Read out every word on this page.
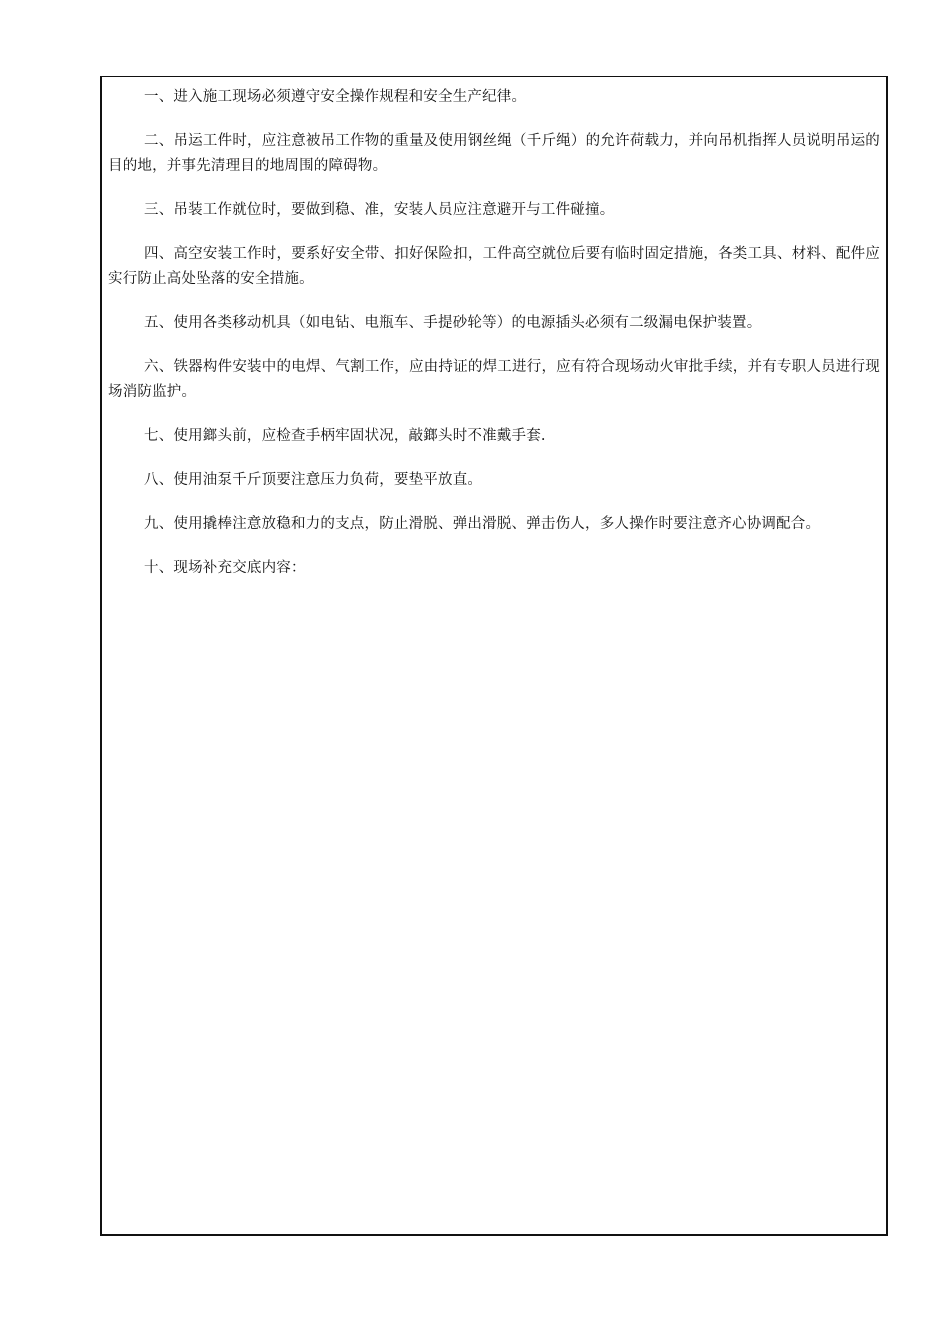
一、进入施工现场必须遵守安全操作规程和安全生产纪律。

二、吊运工件时，应注意被吊工作物的重量及使用钢丝绳（千斤绳）的允许荷载力，并向吊机指挥人员说明吊运的目的地，并事先清理目的地周围的障碍物。

三、吊装工作就位时，要做到稳、准，安装人员应注意避开与工件碰撞。

四、高空安装工作时，要系好安全带、扣好保险扣，工件高空就位后要有临时固定措施，各类工具、材料、配件应实行防止高处坠落的安全措施。

五、使用各类移动机具（如电钻、电瓶车、手提砂轮等）的电源插头必须有二级漏电保护装置。

六、铁器构件安装中的电焊、气割工作，应由持证的焊工进行，应有符合现场动火审批手续，并有专职人员进行现场消防监护。

七、使用鎯头前，应检查手柄牢固状况，敲鎯头时不准戴手套.

八、使用油泵千斤顶要注意压力负荷，要垫平放直。

九、使用撬棒注意放稳和力的支点，防止滑脱、弹出滑脱、弹击伤人，多人操作时要注意齐心协调配合。

十、现场补充交底内容：
